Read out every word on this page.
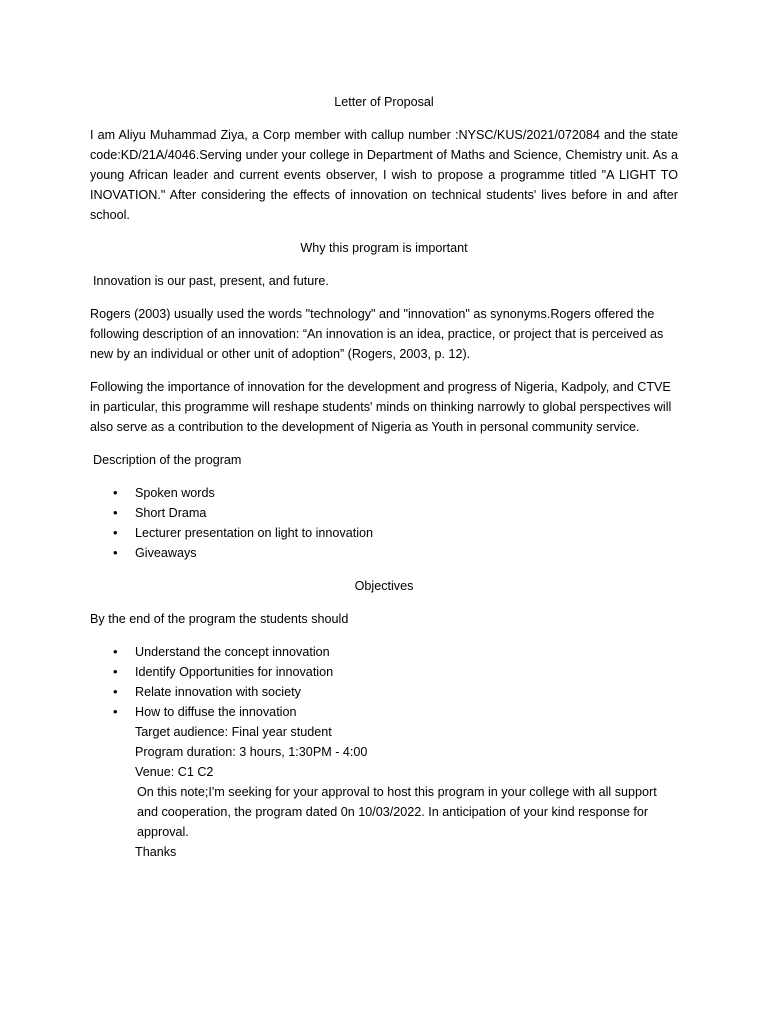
Letter of Proposal

I am Aliyu Muhammad Ziya, a Corp member with callup number :NYSC/KUS/2021/072084 and the state code:KD/21A/4046.Serving under your college in Department of Maths and Science, Chemistry unit. As a young African leader and current events observer, I wish to propose a programme titled "A LIGHT TO INOVATION." After considering the effects of innovation on technical students' lives before in and after school.

Why this program is important

Innovation is our past, present, and future.

Rogers (2003) usually used the words "technology" and "innovation" as synonyms.Rogers offered the following description of an innovation: “An innovation is an idea, practice, or project that is perceived as new by an individual or other unit of adoption” (Rogers, 2003, p. 12).

Following the importance of innovation for the development and progress of Nigeria, Kadpoly, and CTVE in particular, this programme will reshape students' minds on thinking narrowly to global perspectives will also serve as a contribution to the development of Nigeria as Youth in personal community service.

Description of the program

• Spoken words
• Short Drama
• Lecturer presentation on light to innovation
• Giveaways

Objectives

By the end of the program the students should

• Understand the concept innovation
• Identify Opportunities for innovation
• Relate innovation with society
• How to diffuse the innovation
Target audience: Final year student
Program duration: 3 hours, 1:30PM - 4:00
Venue: C1 C2
On this note;I'm seeking for your approval to host this program in your college with all support and cooperation, the program dated 0n 10/03/2022. In anticipation of your kind response for approval.
Thanks
